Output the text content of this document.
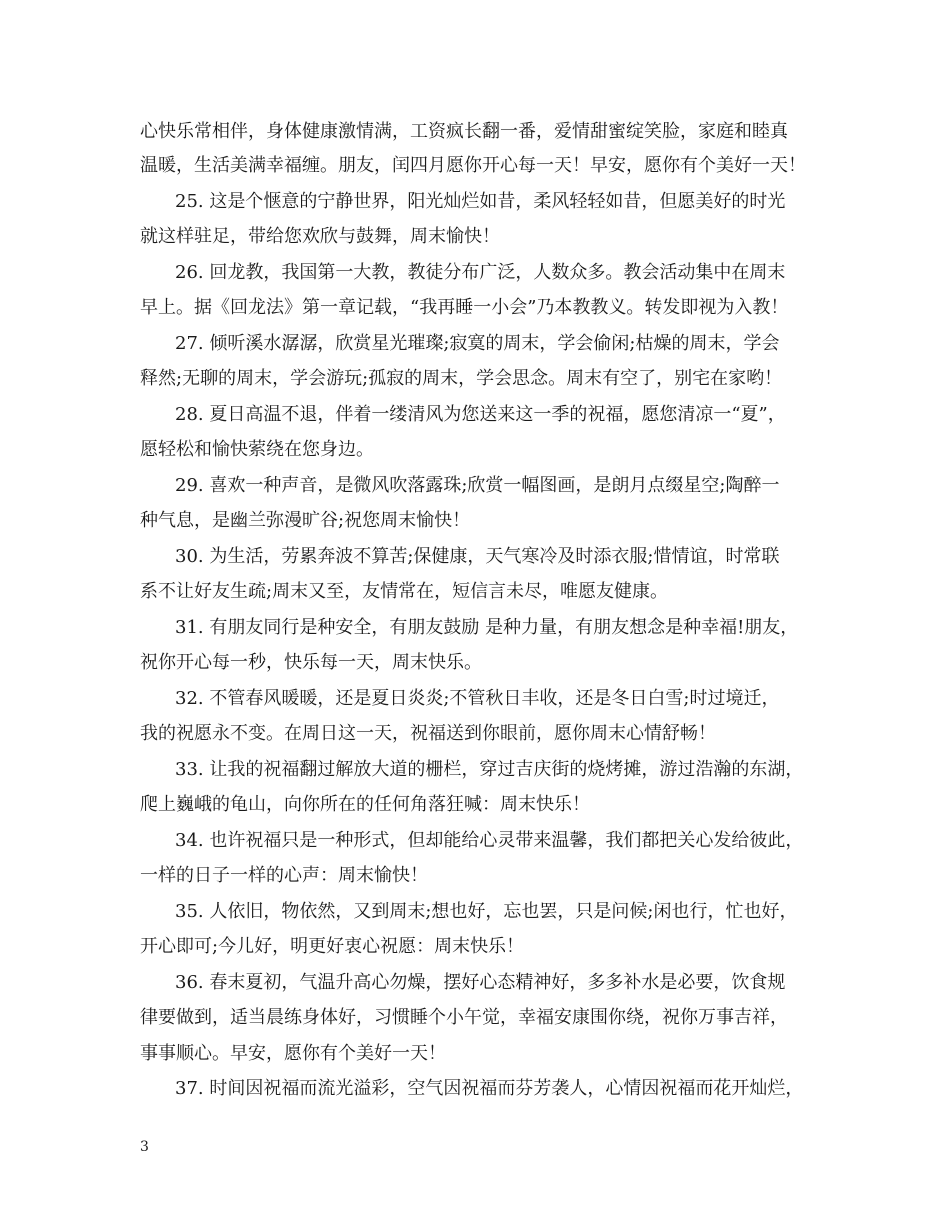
心快乐常相伴，身体健康激情满，工资疯长翻一番，爱情甜蜜绽笑脸，家庭和睦真
温暖，生活美满幸福缠。朋友，闰四月愿你开心每一天！早安，愿你有个美好一天！
25. 这是个惬意的宁静世界，阳光灿烂如昔，柔风轻轻如昔，但愿美好的时光
就这样驻足，带给您欢欣与鼓舞，周末愉快！
26. 回龙教，我国第一大教，教徒分布广泛，人数众多。教会活动集中在周末
早上。据《回龙法》第一章记载，“我再睡一小会”乃本教教义。转发即视为入教！
27. 倾听溪水潺潺，欣赏星光璀璨;寂寞的周末，学会偷闲;枯燥的周末，学会
释然;无聊的周末，学会游玩;孤寂的周末，学会思念。周末有空了，别宅在家哟！
28. 夏日高温不退，伴着一缕清风为您送来这一季的祝福，愿您清凉一“夏”，
愿轻松和愉快萦绕在您身边。
29. 喜欢一种声音，是微风吹落露珠;欣赏一幅图画，是朗月点缀星空;陶醉一
种气息，是幽兰弥漫旷谷;祝您周末愉快！
30. 为生活，劳累奔波不算苦;保健康，天气寒冷及时添衣服;惜情谊，时常联
系不让好友生疏;周末又至，友情常在，短信言未尽，唯愿友健康。
31. 有朋友同行是种安全，有朋友鼓励 是种力量，有朋友想念是种幸福!朋友，
祝你开心每一秒，快乐每一天，周末快乐。
32. 不管春风暖暖，还是夏日炎炎;不管秋日丰收，还是冬日白雪;时过境迁，
我的祝愿永不变。在周日这一天，祝福送到你眼前，愿你周末心情舒畅！
33. 让我的祝福翻过解放大道的栅栏，穿过吉庆街的烧烤摊，游过浩瀚的东湖，
爬上巍峨的龟山，向你所在的任何角落狂喊：周末快乐！
34. 也许祝福只是一种形式，但却能给心灵带来温馨，我们都把关心发给彼此，
一样的日子一样的心声：周末愉快！
35. 人依旧，物依然，又到周末;想也好，忘也罢，只是问候;闲也行，忙也好，
开心即可;今儿好，明更好衷心祝愿：周末快乐！
36. 春末夏初，气温升高心勿燥，摆好心态精神好，多多补水是必要，饮食规
律要做到，适当晨练身体好，习惯睡个小午觉，幸福安康围你绕，祝你万事吉祥，
事事顺心。早安，愿你有个美好一天！
37. 时间因祝福而流光溢彩，空气因祝福而芬芳袭人，心情因祝福而花开灿烂，
3
